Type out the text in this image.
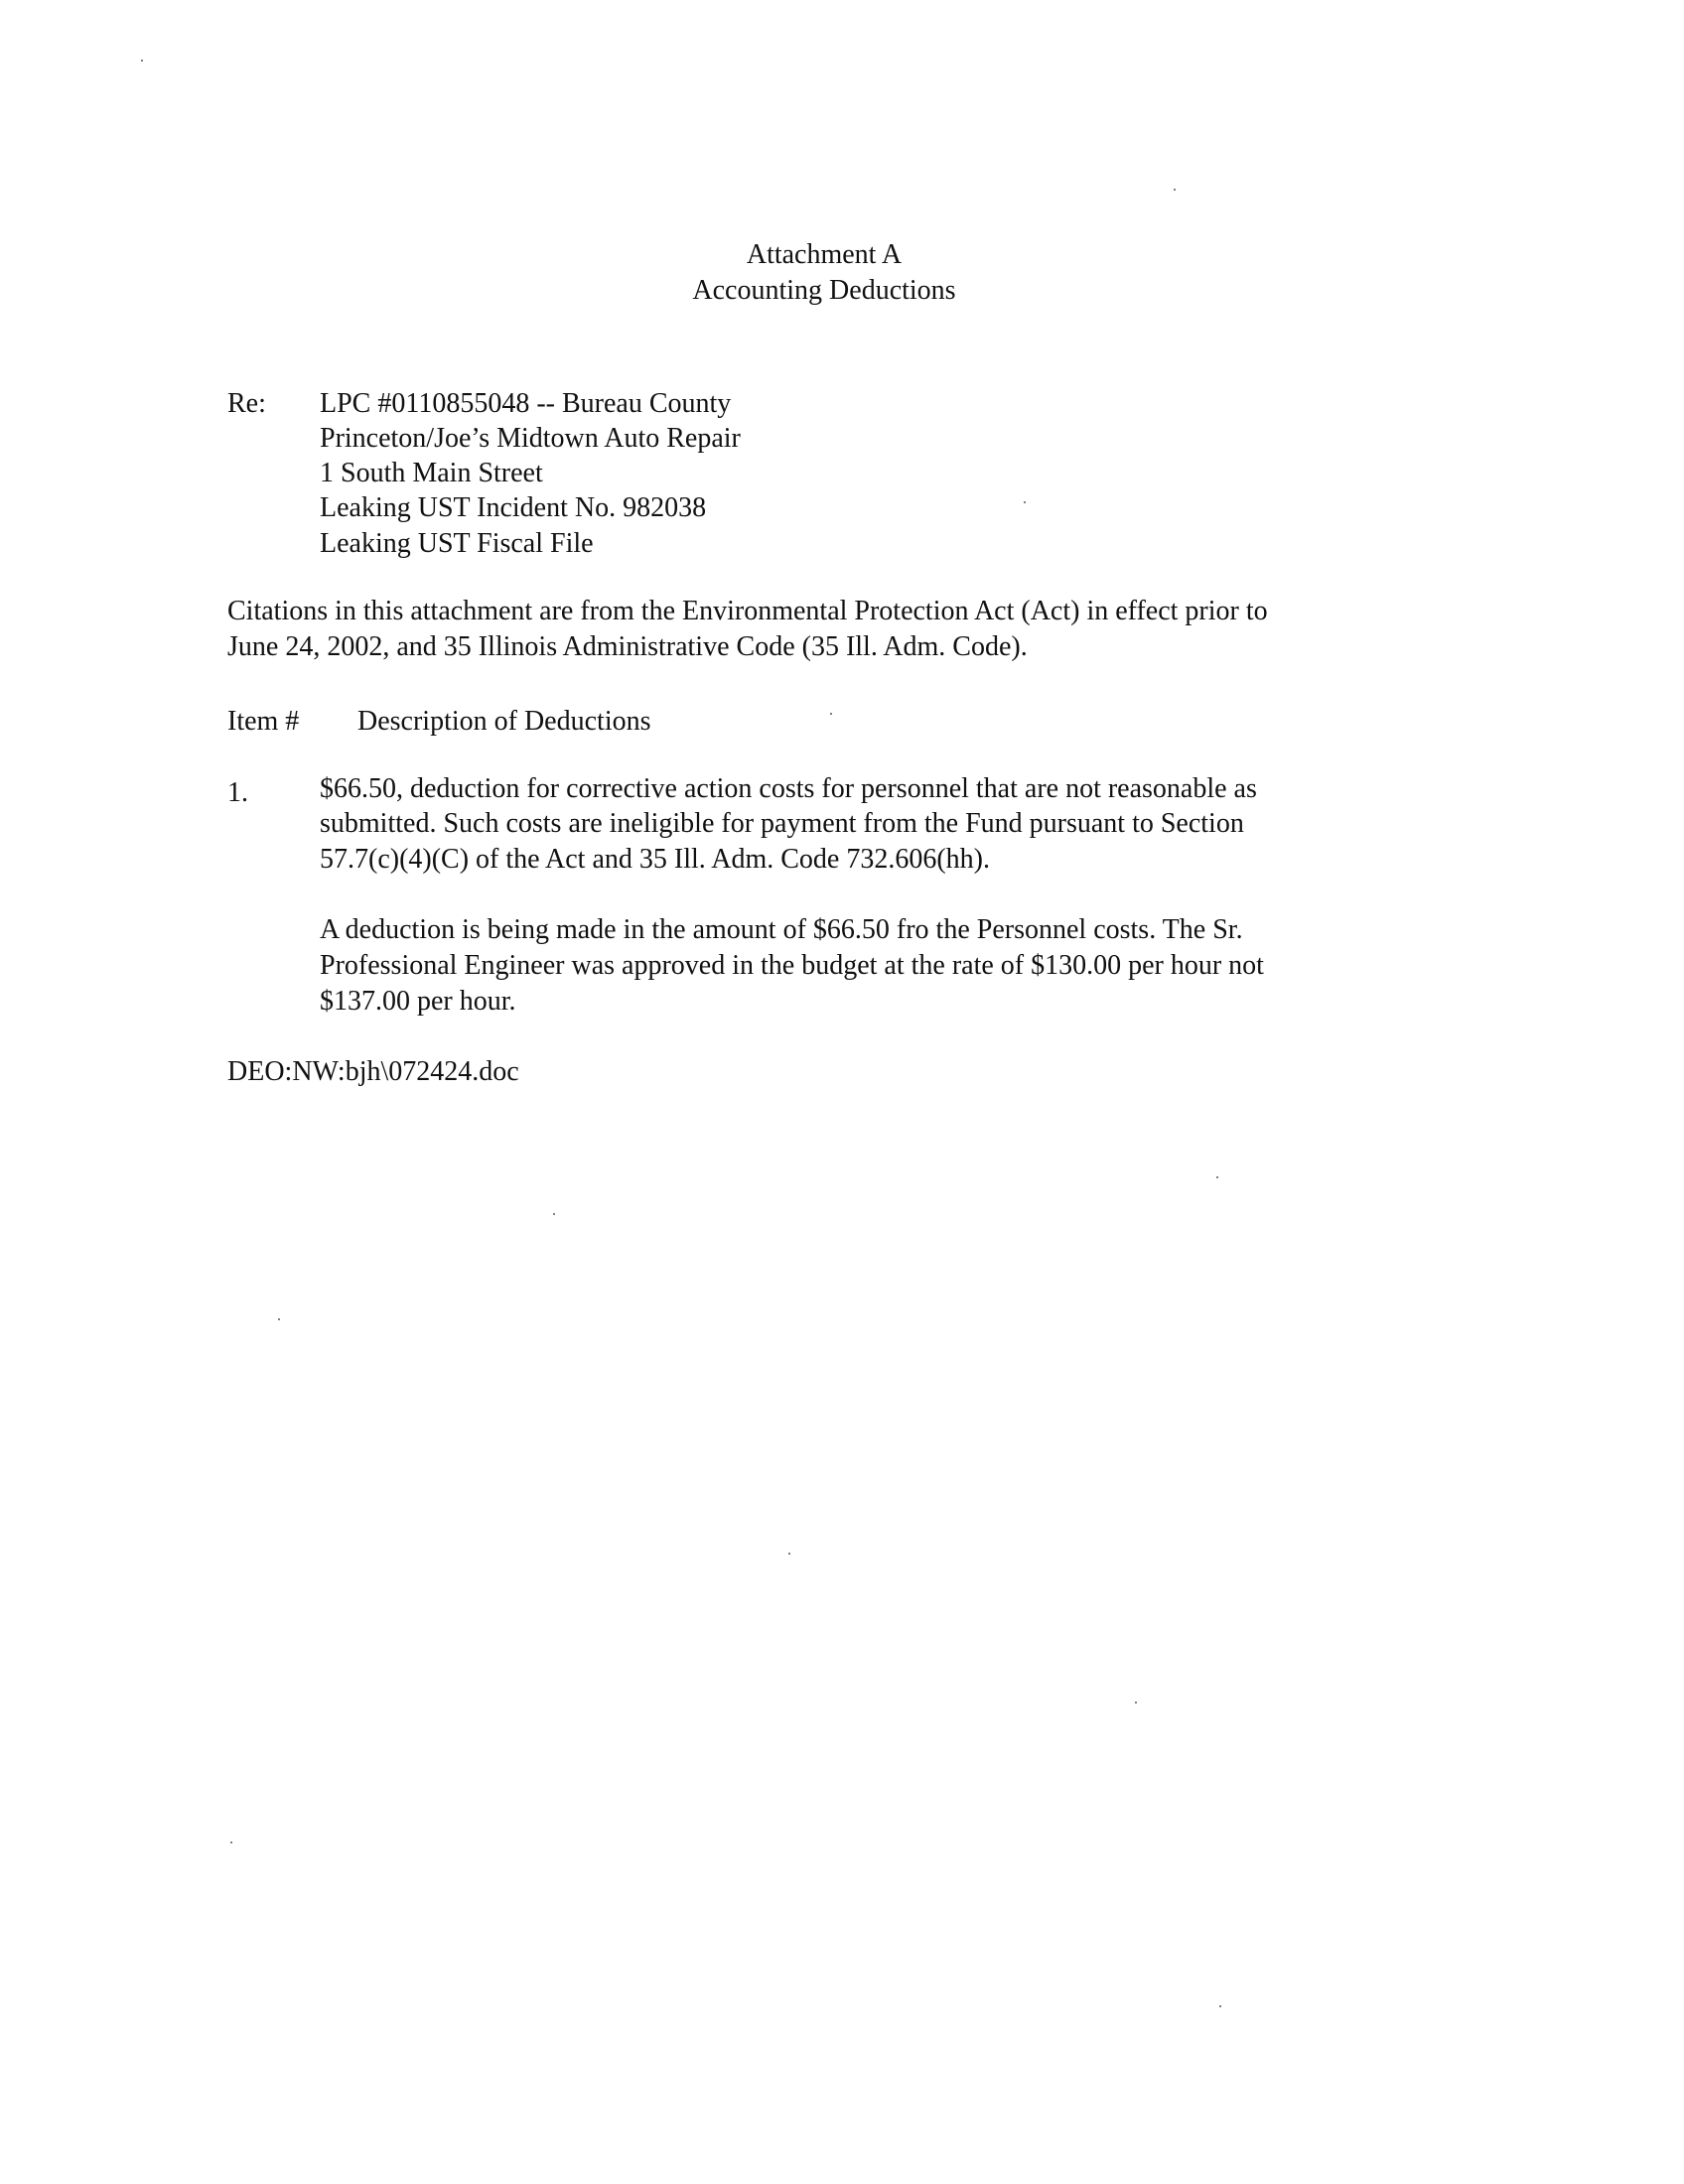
Attachment A
Accounting Deductions
Re: LPC #0110855048 -- Bureau County
Princeton/Joe’s Midtown Auto Repair
1 South Main Street
Leaking UST Incident No. 982038
Leaking UST Fiscal File
Citations in this attachment are from the Environmental Protection Act (Act) in effect prior to
June 24, 2002, and 35 Illinois Administrative Code (35 Ill. Adm. Code).
Item # Description of Deductions
1.	$66.50, deduction for corrective action costs for personnel that are not reasonable as
submitted. Such costs are ineligible for payment from the Fund pursuant to Section
57.7(c)(4)(C) of the Act and 35 Ill. Adm. Code 732.606(hh).
A deduction is being made in the amount of $66.50 fro the Personnel costs. The Sr.
Professional Engineer was approved in the budget at the rate of $130.00 per hour not
$137.00 per hour.
DEO:NW:bjh\072424.doc
